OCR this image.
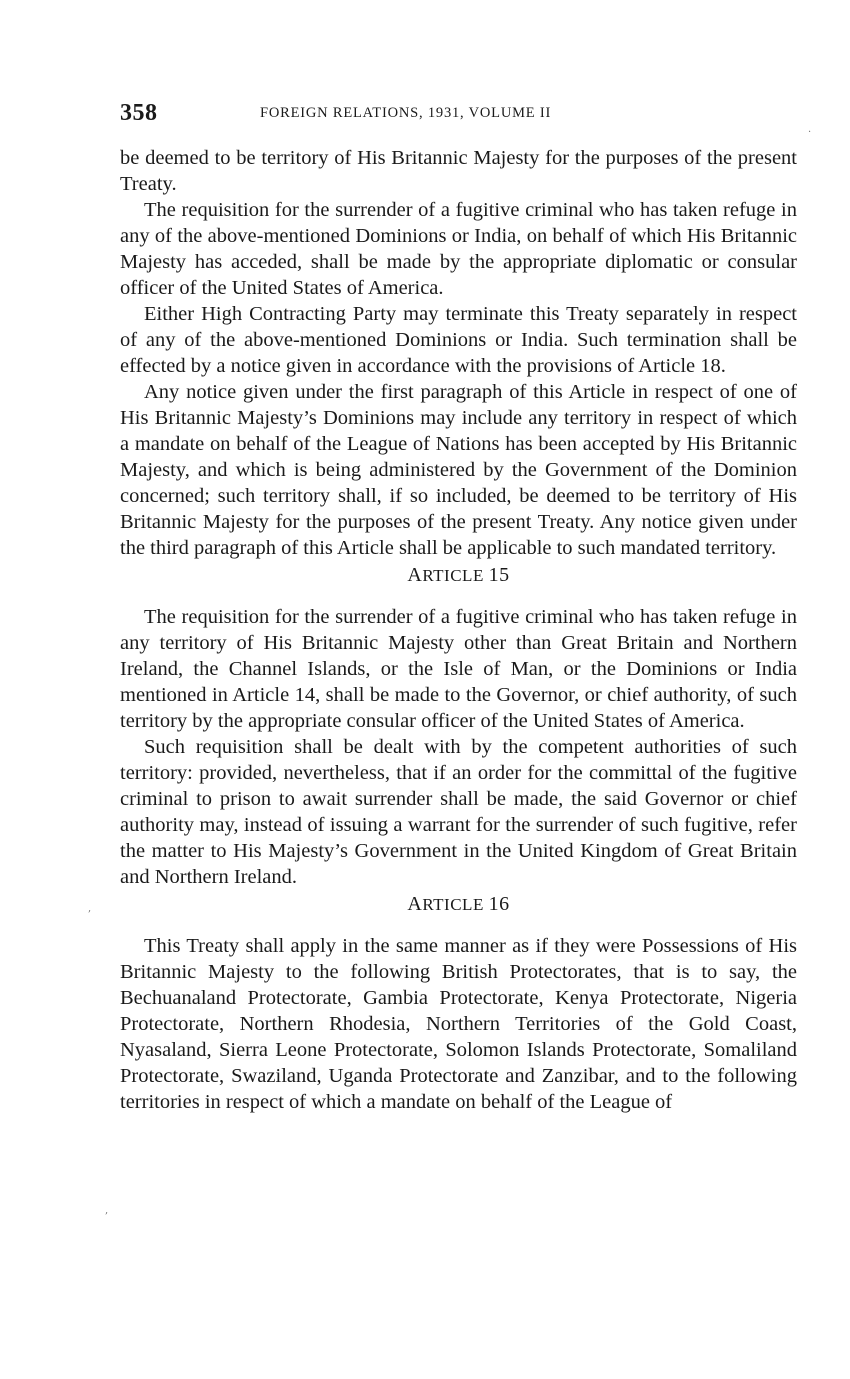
358	FOREIGN RELATIONS, 1931, VOLUME II

be deemed to be territory of His Britannic Majesty for the purposes of the present Treaty.

The requisition for the surrender of a fugitive criminal who has taken refuge in any of the above-mentioned Dominions or India, on behalf of which His Britannic Majesty has acceded, shall be made by the appropriate diplomatic or consular officer of the United States of America.

Either High Contracting Party may terminate this Treaty separately in respect of any of the above-mentioned Dominions or India. Such termination shall be effected by a notice given in accordance with the provisions of Article 18.

Any notice given under the first paragraph of this Article in respect of one of His Britannic Majesty’s Dominions may include any territory in respect of which a mandate on behalf of the League of Nations has been accepted by His Britannic Majesty, and which is being administered by the Government of the Dominion concerned; such territory shall, if so included, be deemed to be territory of His Britannic Majesty for the purposes of the present Treaty. Any notice given under the third paragraph of this Article shall be applicable to such mandated territory.

ARTICLE 15

The requisition for the surrender of a fugitive criminal who has taken refuge in any territory of His Britannic Majesty other than Great Britain and Northern Ireland, the Channel Islands, or the Isle of Man, or the Dominions or India mentioned in Article 14, shall be made to the Governor, or chief authority, of such territory by the appropriate consular officer of the United States of America.

Such requisition shall be dealt with by the competent authorities of such territory: provided, nevertheless, that if an order for the committal of the fugitive criminal to prison to await surrender shall be made, the said Governor or chief authority may, instead of issuing a warrant for the surrender of such fugitive, refer the matter to His Majesty’s Government in the United Kingdom of Great Britain and Northern Ireland.

ARTICLE 16

This Treaty shall apply in the same manner as if they were Possessions of His Britannic Majesty to the following British Protectorates, that is to say, the Bechuanaland Protectorate, Gambia Protectorate, Kenya Protectorate, Nigeria Protectorate, Northern Rhodesia, Northern Territories of the Gold Coast, Nyasaland, Sierra Leone Protectorate, Solomon Islands Protectorate, Somaliland Protectorate, Swaziland, Uganda Protectorate and Zanzibar, and to the following territories in respect of which a mandate on behalf of the League of

·
,
,
